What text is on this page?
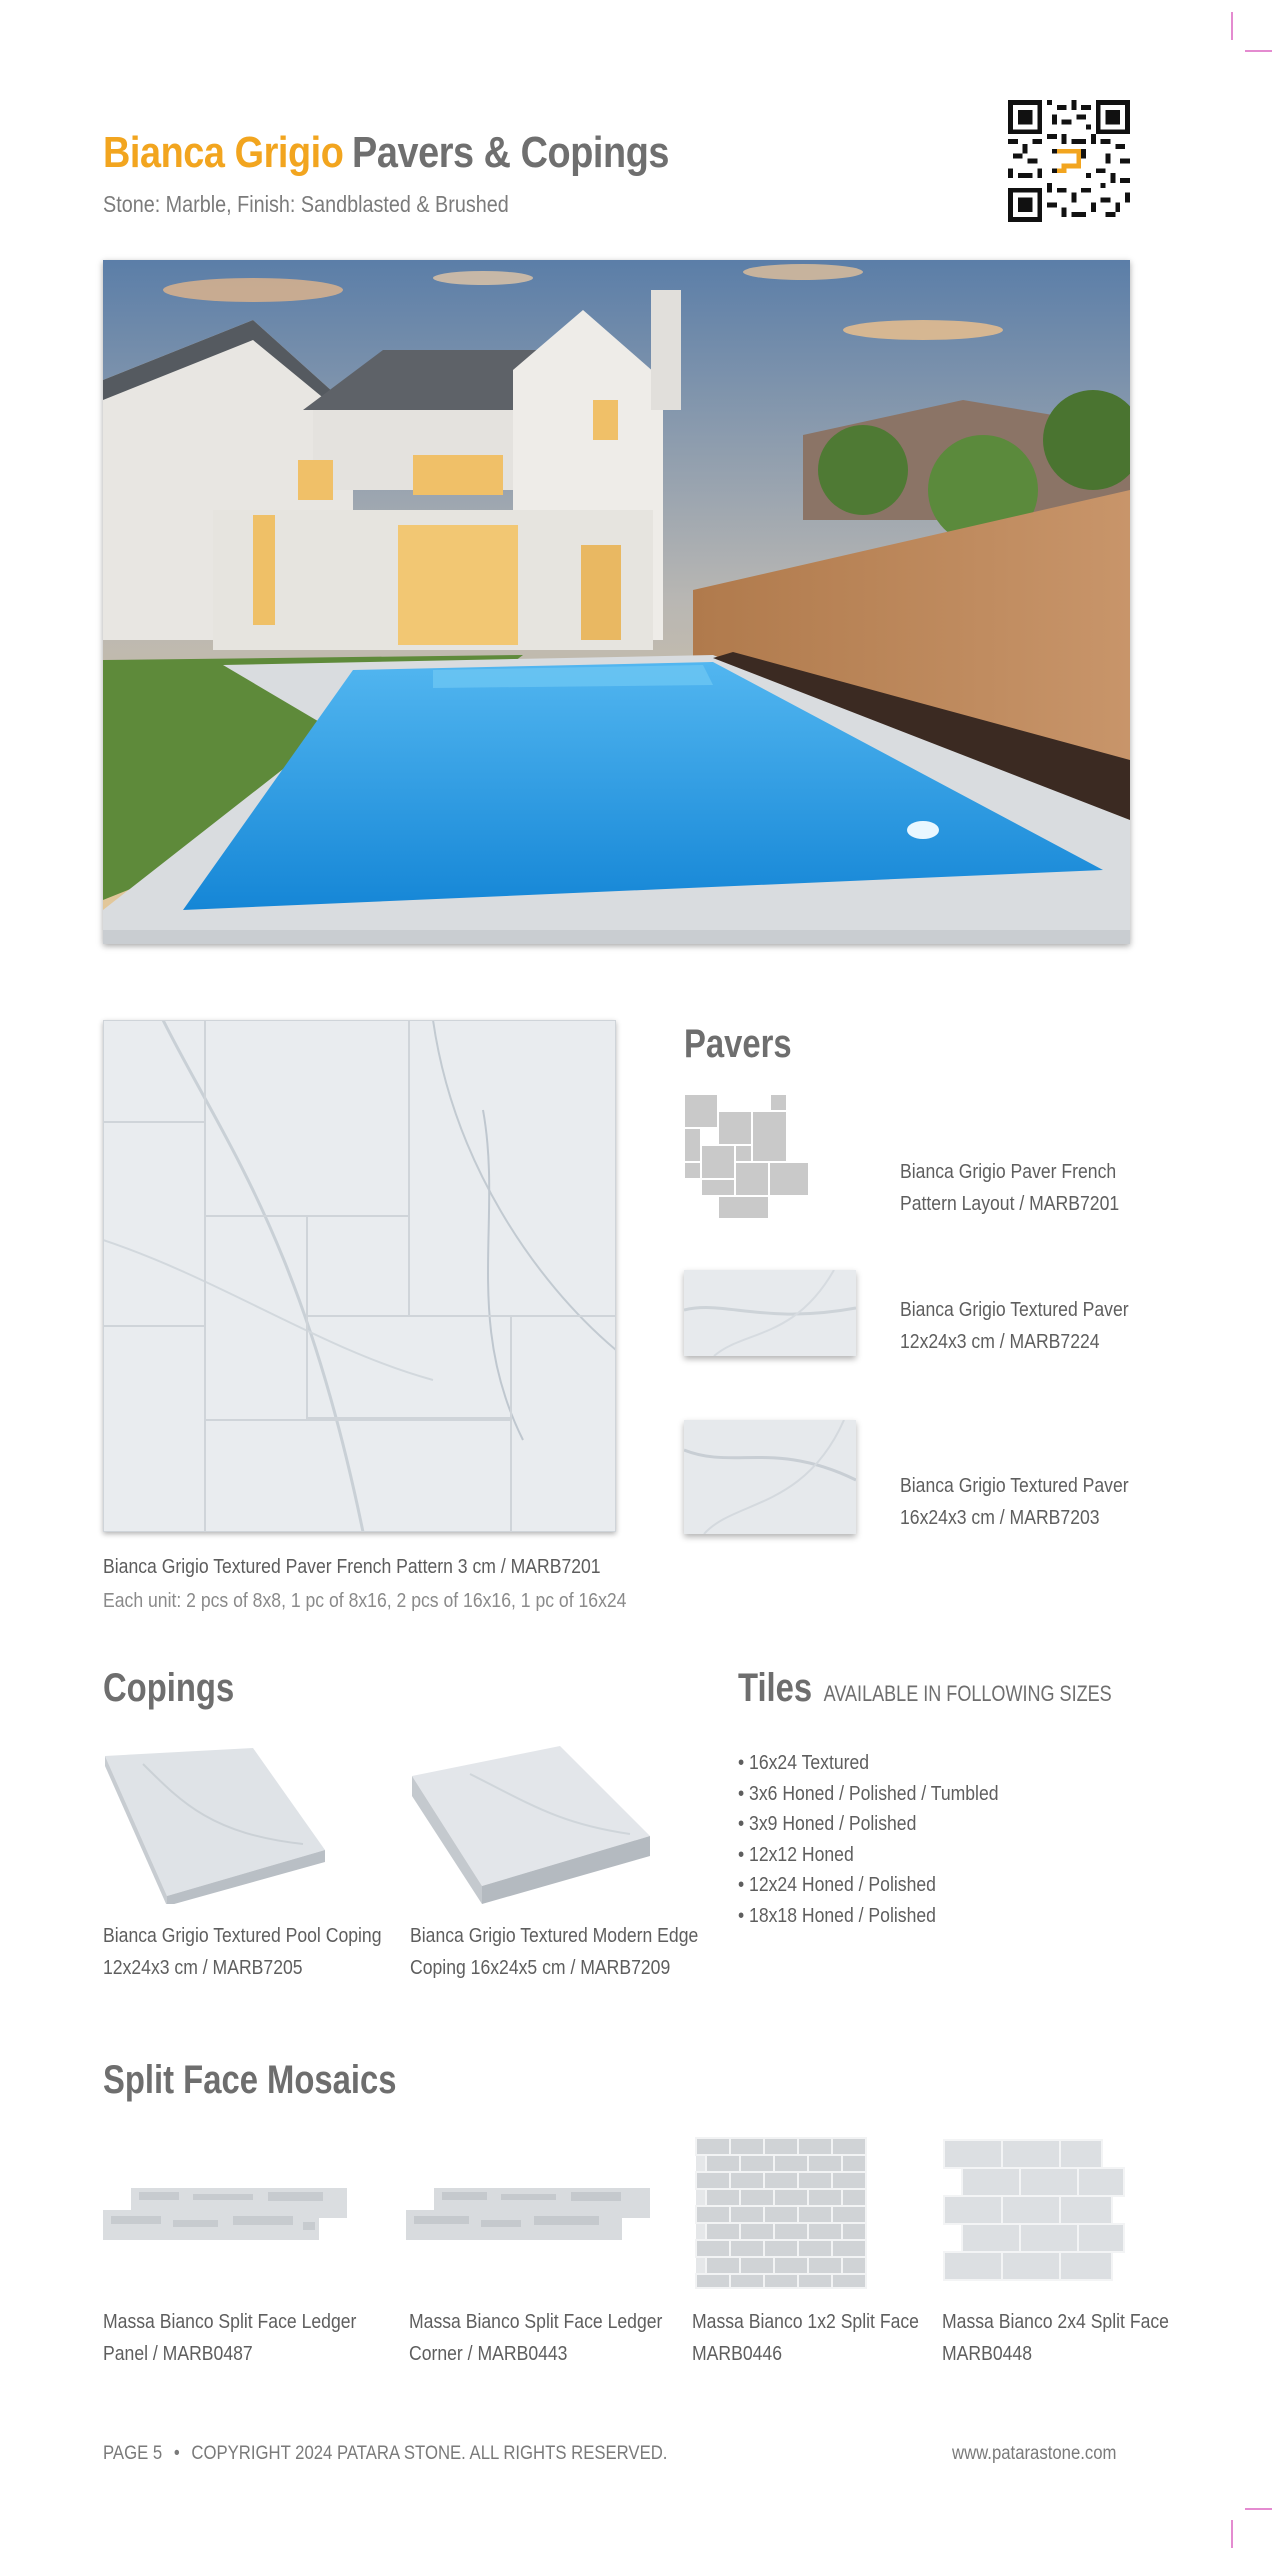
Bianca Grigio Pavers & Copings
Stone: Marble, Finish: Sandblasted & Brushed
Bianca Grigio Textured Paver French Pattern 3 cm / MARB7201
Each unit: 2 pcs of 8x8, 1 pc of 8x16, 2 pcs of 16x16, 1 pc of 16x24
Pavers
Bianca Grigio Paver French
Pattern Layout / MARB7201
Bianca Grigio Textured Paver
12x24x3 cm / MARB7224
Bianca Grigio Textured Paver
16x24x3 cm / MARB7203
Copings
Bianca Grigio Textured Pool Coping
12x24x3 cm / MARB7205
Bianca Grigio Textured Modern Edge
Coping 16x24x5 cm / MARB7209
Tiles AVAILABLE IN FOLLOWING SIZES
• 16x24 Textured
• 3x6 Honed / Polished / Tumbled
• 3x9 Honed / Polished
• 12x12 Honed
• 12x24 Honed / Polished
• 18x18 Honed / Polished
Split Face Mosaics
Massa Bianco Split Face Ledger
Panel / MARB0487
Massa Bianco Split Face Ledger
Corner / MARB0443
Massa Bianco 1x2 Split Face
MARB0446
Massa Bianco 2x4 Split Face
MARB0448
PAGE 5 • COPYRIGHT 2024 PATARA STONE. ALL RIGHTS RESERVED.	www.patarastone.com
